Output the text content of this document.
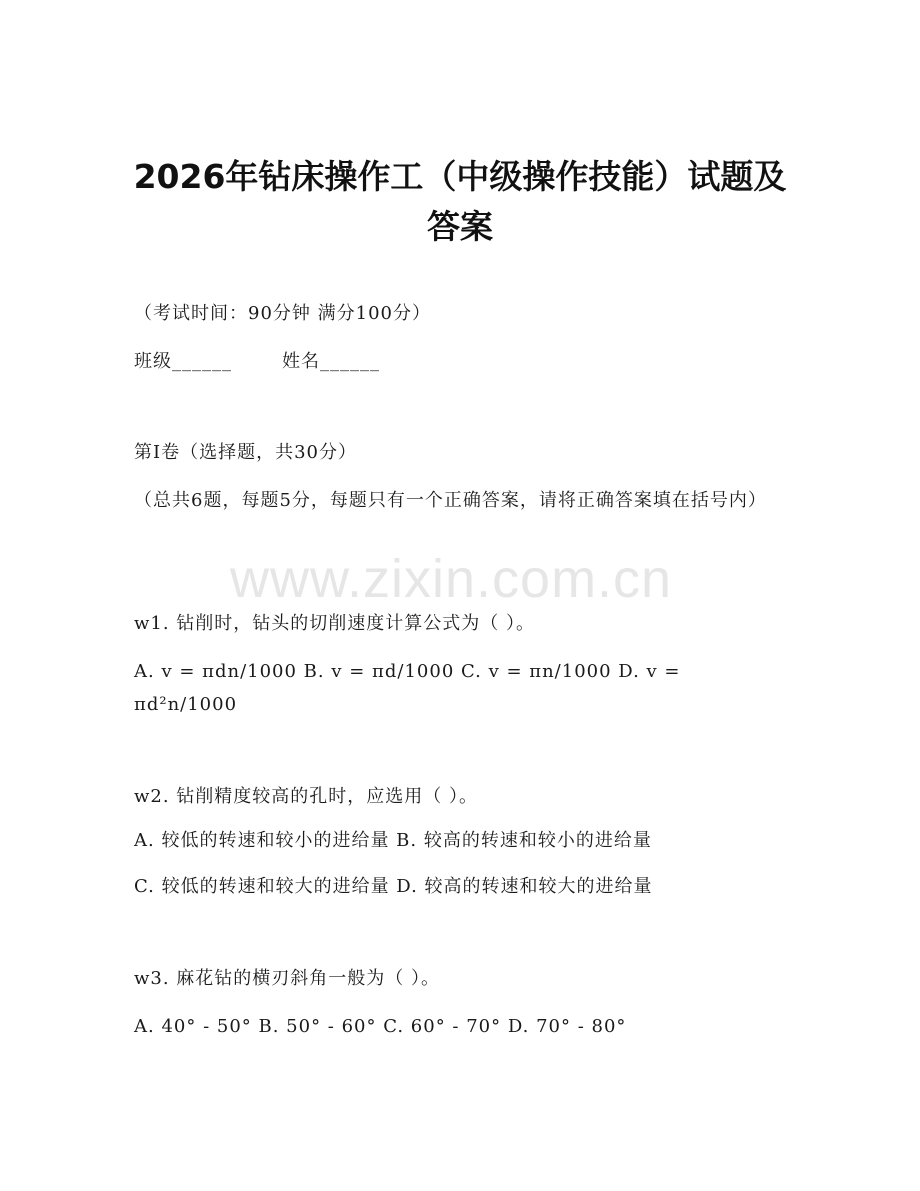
2026年钻床操作工（中级操作技能）试题及
答案
（考试时间：90分钟 满分100分）
班级______	姓名______
第I卷（选择题，共30分）
（总共6题，每题5分，每题只有一个正确答案，请将正确答案填在括号内）
www.zixin.com.cn
w1. 钻削时，钻头的切削速度计算公式为（ ）。
A. v = πdn/1000 B. v = πd/1000 C. v = πn/1000 D. v = πd²n/1000
w2. 钻削精度较高的孔时，应选用（ ）。
A. 较低的转速和较小的进给量 B. 较高的转速和较小的进给量
C. 较低的转速和较大的进给量 D. 较高的转速和较大的进给量
w3. 麻花钻的横刃斜角一般为（ ）。
A. 40° - 50° B. 50° - 60° C. 60° - 70° D. 70° - 80°
